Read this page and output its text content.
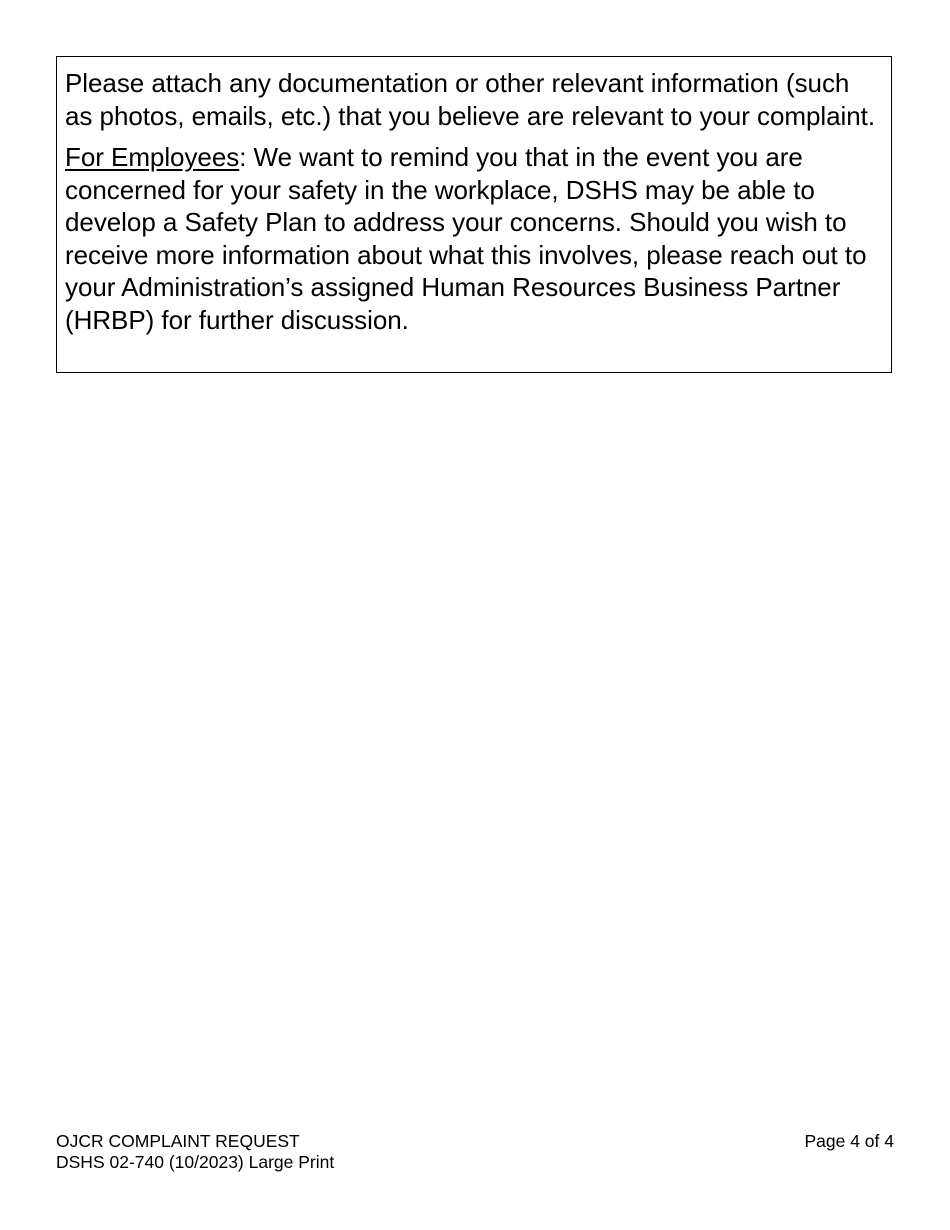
Please attach any documentation or other relevant information (such as photos, emails, etc.) that you believe are relevant to your complaint.

For Employees: We want to remind you that in the event you are concerned for your safety in the workplace, DSHS may be able to develop a Safety Plan to address your concerns. Should you wish to receive more information about what this involves, please reach out to your Administration’s assigned Human Resources Business Partner (HRBP) for further discussion.

OJCR COMPLAINT REQUEST
DSHS 02-740 (10/2023) Large Print
Page 4 of 4
